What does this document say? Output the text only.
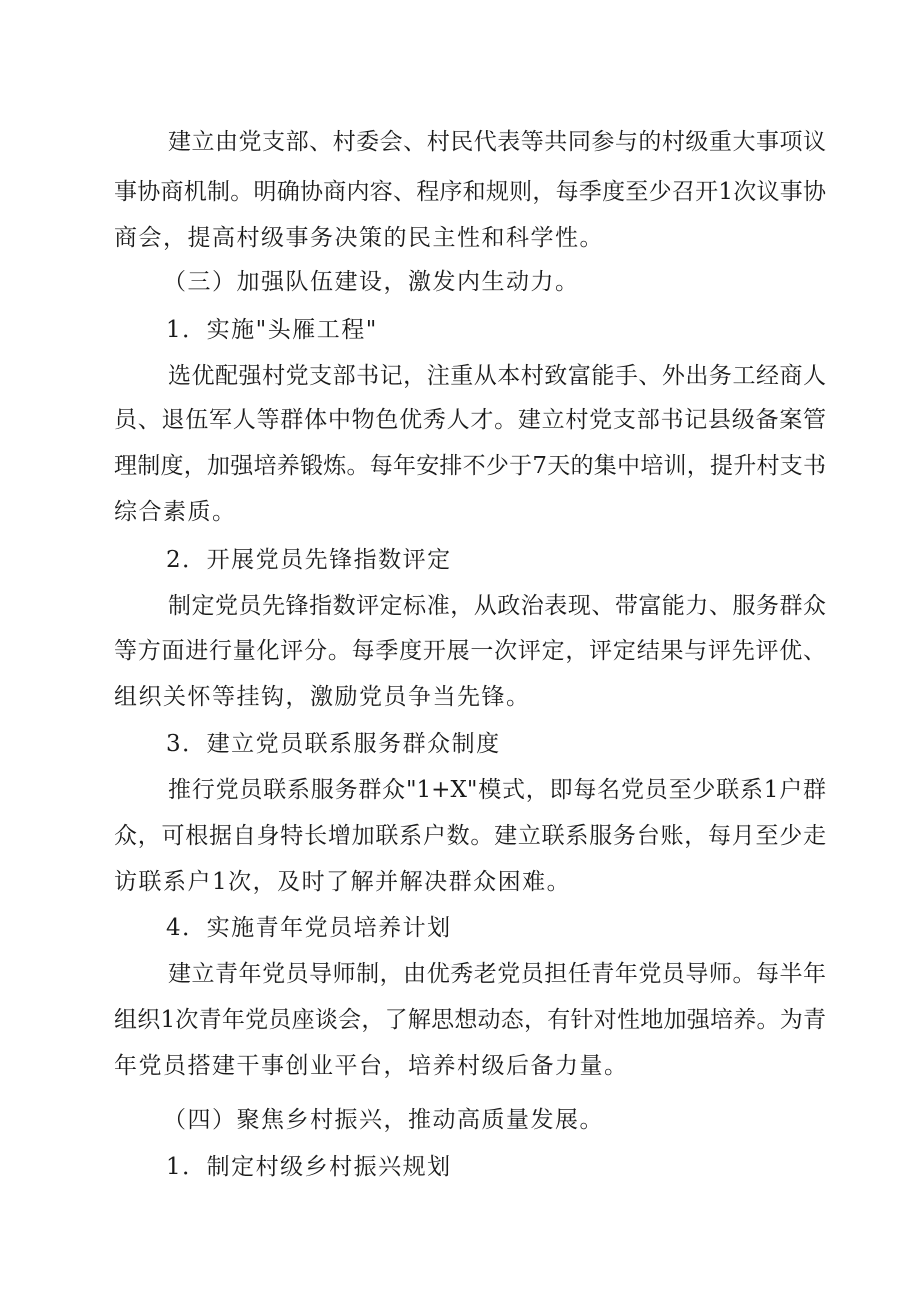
建立由党支部、村委会、村民代表等共同参与的村级重大事项议
事协商机制。明确协商内容、程序和规则，每季度至少召开1次议事协
商会，提高村级事务决策的民主性和科学性。
（三）加强队伍建设，激发内生动力。
1．实施"头雁工程"
选优配强村党支部书记，注重从本村致富能手、外出务工经商人
员、退伍军人等群体中物色优秀人才。建立村党支部书记县级备案管
理制度，加强培养锻炼。每年安排不少于7天的集中培训，提升村支书
综合素质。
2．开展党员先锋指数评定
制定党员先锋指数评定标准，从政治表现、带富能力、服务群众
等方面进行量化评分。每季度开展一次评定，评定结果与评先评优、
组织关怀等挂钩，激励党员争当先锋。
3．建立党员联系服务群众制度
推行党员联系服务群众"1+X"模式，即每名党员至少联系1户群
众，可根据自身特长增加联系户数。建立联系服务台账，每月至少走
访联系户1次，及时了解并解决群众困难。
4．实施青年党员培养计划
建立青年党员导师制，由优秀老党员担任青年党员导师。每半年
组织1次青年党员座谈会，了解思想动态，有针对性地加强培养。为青
年党员搭建干事创业平台，培养村级后备力量。
（四）聚焦乡村振兴，推动高质量发展。
1．制定村级乡村振兴规划
